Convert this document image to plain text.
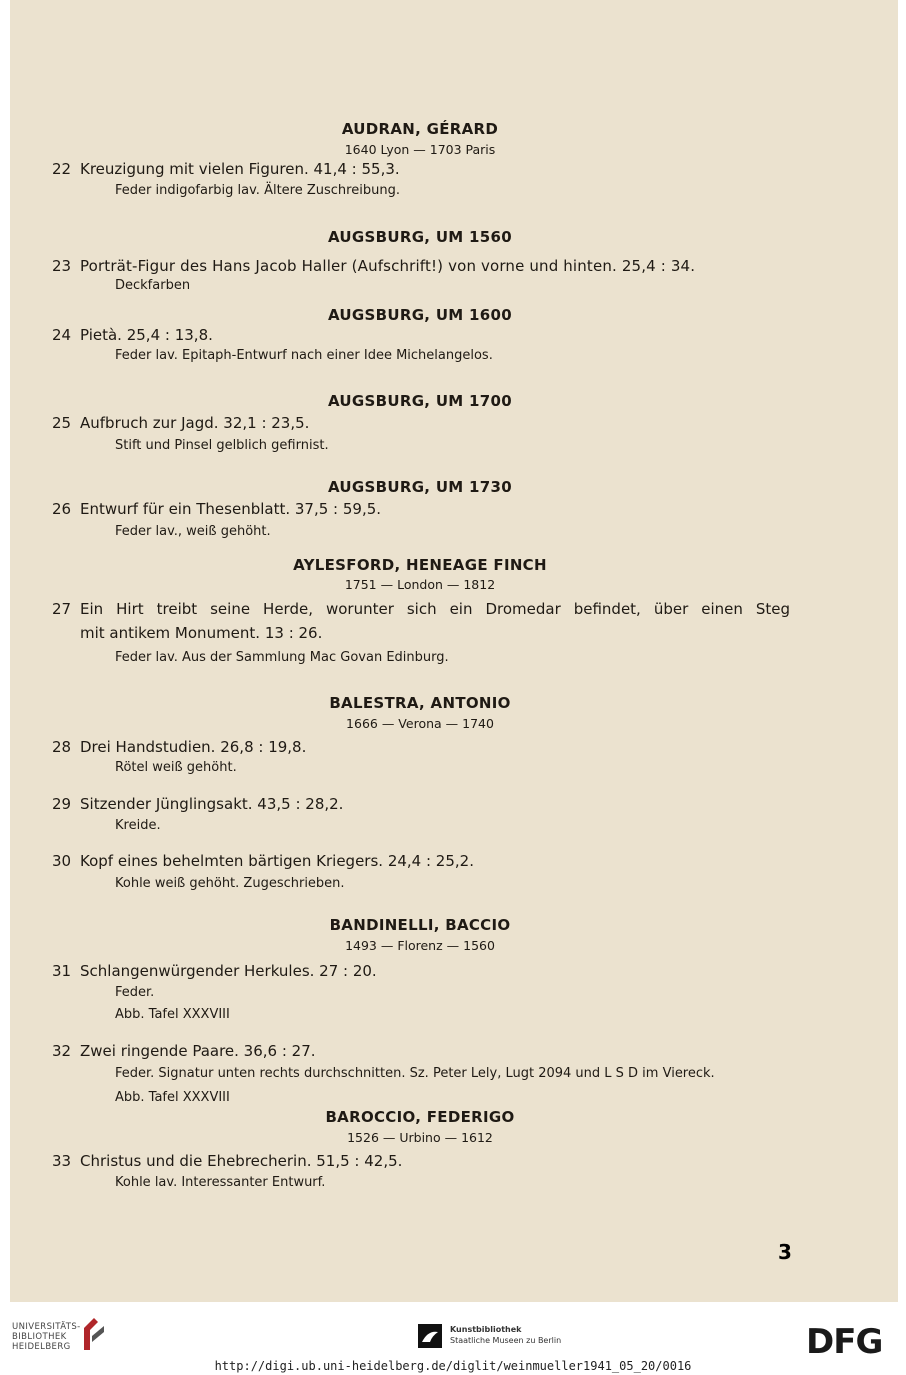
AUDRAN, GÉRARD
1640 Lyon — 1703 Paris
22 Kreuzigung mit vielen Figuren. 41,4 : 55,3.
Feder indigofarbig lav. Ältere Zuschreibung.
AUGSBURG, UM 1560
23 Porträt-Figur des Hans Jacob Haller (Aufschrift!) von vorne und hinten. 25,4 : 34.
Deckfarben
AUGSBURG, UM 1600
24 Pietà. 25,4 : 13,8.
Feder lav. Epitaph-Entwurf nach einer Idee Michelangelos.
AUGSBURG, UM 1700
25 Aufbruch zur Jagd. 32,1 : 23,5.
Stift und Pinsel gelblich gefirnist.
AUGSBURG, UM 1730
26 Entwurf für ein Thesenblatt. 37,5 : 59,5.
Feder lav., weiß gehöht.
AYLESFORD, HENEAGE FINCH
1751 — London — 1812
27 Ein Hirt treibt seine Herde, worunter sich ein Dromedar befindet, über einen Steg
mit antikem Monument. 13 : 26.
Feder lav. Aus der Sammlung Mac Govan Edinburg.
BALESTRA, ANTONIO
1666 — Verona — 1740
28 Drei Handstudien. 26,8 : 19,8.
Rötel weiß gehöht.
29 Sitzender Jünglingsakt. 43,5 : 28,2.
Kreide.
30 Kopf eines behelmten bärtigen Kriegers. 24,4 : 25,2.
Kohle weiß gehöht. Zugeschrieben.
BANDINELLI, BACCIO
1493 — Florenz — 1560
31 Schlangenwürgender Herkules. 27 : 20.
Feder.
Abb. Tafel XXXVIII
32 Zwei ringende Paare. 36,6 : 27.
Feder. Signatur unten rechts durchschnitten. Sz. Peter Lely, Lugt 2094 und L S D im Viereck.
Abb. Tafel XXXVIII
BAROCCIO, FEDERIGO
1526 — Urbino — 1612
33 Christus und die Ehebrecherin. 51,5 : 42,5.
Kohle lav. Interessanter Entwurf.
3
UNIVERSITÄTS-
BIBLIOTHEK
HEIDELBERG
Kunstbibliothek
Staatliche Museen zu Berlin	DFG
http://digi.ub.uni-heidelberg.de/diglit/weinmueller1941_05_20/0016
